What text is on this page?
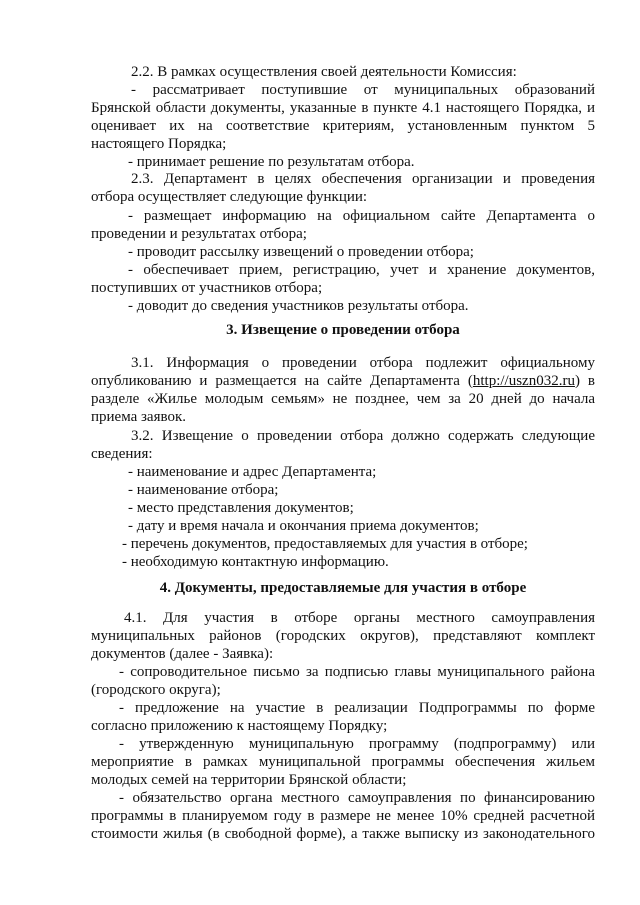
2.2. В рамках осуществления своей деятельности Комиссия:
- рассматривает поступившие от муниципальных образований
Брянской области документы, указанные в пункте 4.1 настоящего Порядка, и
оценивает их на соответствие критериям, установленным пунктом 5
настоящего Порядка;
- принимает решение по результатам отбора.
2.3. Департамент в целях обеспечения организации и проведения
отбора осуществляет следующие функции:
- размещает информацию на официальном сайте Департамента о
проведении и результатах отбора;
- проводит рассылку извещений о проведении отбора;
- обеспечивает прием, регистрацию, учет и хранение документов,
поступивших от участников отбора;
- доводит до сведения участников результаты отбора.
3. Извещение о проведении отбора
3.1. Информация о проведении отбора подлежит официальному
опубликованию и размещается на сайте Департамента (http://uszn032.ru) в
разделе «Жилье молодым семьям» не позднее, чем за 20 дней до начала
приема заявок.
3.2. Извещение о проведении отбора должно содержать следующие
сведения:
- наименование и адрес Департамента;
- наименование отбора;
- место представления документов;
- дату и время начала и окончания приема документов;
- перечень документов, предоставляемых для участия в отборе;
- необходимую контактную информацию.
4. Документы, предоставляемые для участия в отборе
4.1. Для участия в отборе органы местного самоуправления
муниципальных районов (городских округов), представляют комплект
документов (далее - Заявка):
- сопроводительное письмо за подписью главы муниципального района
(городского округа);
- предложение на участие в реализации Подпрограммы по форме
согласно приложению к настоящему Порядку;
- утвержденную муниципальную программу (подпрограмму) или
мероприятие в рамках муниципальной программы обеспечения жильем
молодых семей на территории Брянской области;
- обязательство органа местного самоуправления по финансированию
программы в планируемом году в размере не менее 10% средней расчетной
стоимости жилья (в свободной форме), а также выписку из законодательного
